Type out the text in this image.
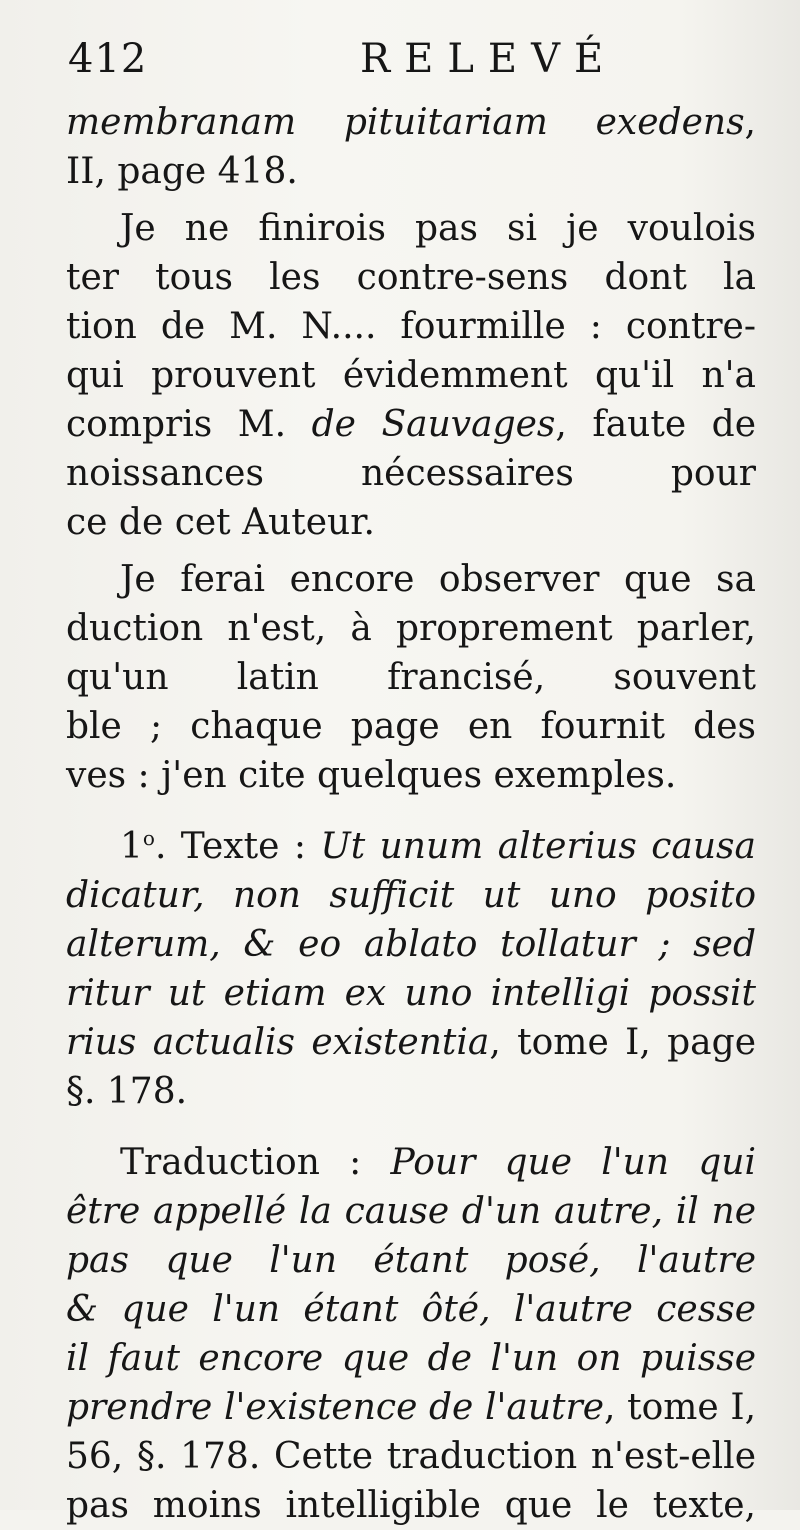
412	RELEVÉ
membranam pituitariam exedens,
II, page 418.
Je ne finirois pas si je voulois
ter tous les contre-sens dont la
tion de M. N.... fourmille : contre-
qui prouvent évidemment qu'il n'a
compris M. de Sauvages, faute de
noissances nécessaires pour
ce de cet Auteur.
Je ferai encore observer que sa
duction n'est, à proprement parler,
qu'un latin francisé, souvent
ble ; chaque page en fournit des
ves : j'en cite quelques exemples.
1$^o$. Texte : Ut unum alterius causa
dicatur, non sufficit ut uno posito
alterum, & eo ablato tollatur ; sed
ritur ut etiam ex uno intelligi possit
rius actualis existentia, tome I, page
§. 178.
Traduction : Pour que l'un qui
être appellé la cause d'un autre, il ne
pas que l'un étant posé, l'autre
& que l'un étant ôté, l'autre cesse
il faut encore que de l'un on puisse
prendre l'existence de l'autre, tome I,
56, §. 178. Cette traduction n'est-elle
pas moins intelligible que le texte,
